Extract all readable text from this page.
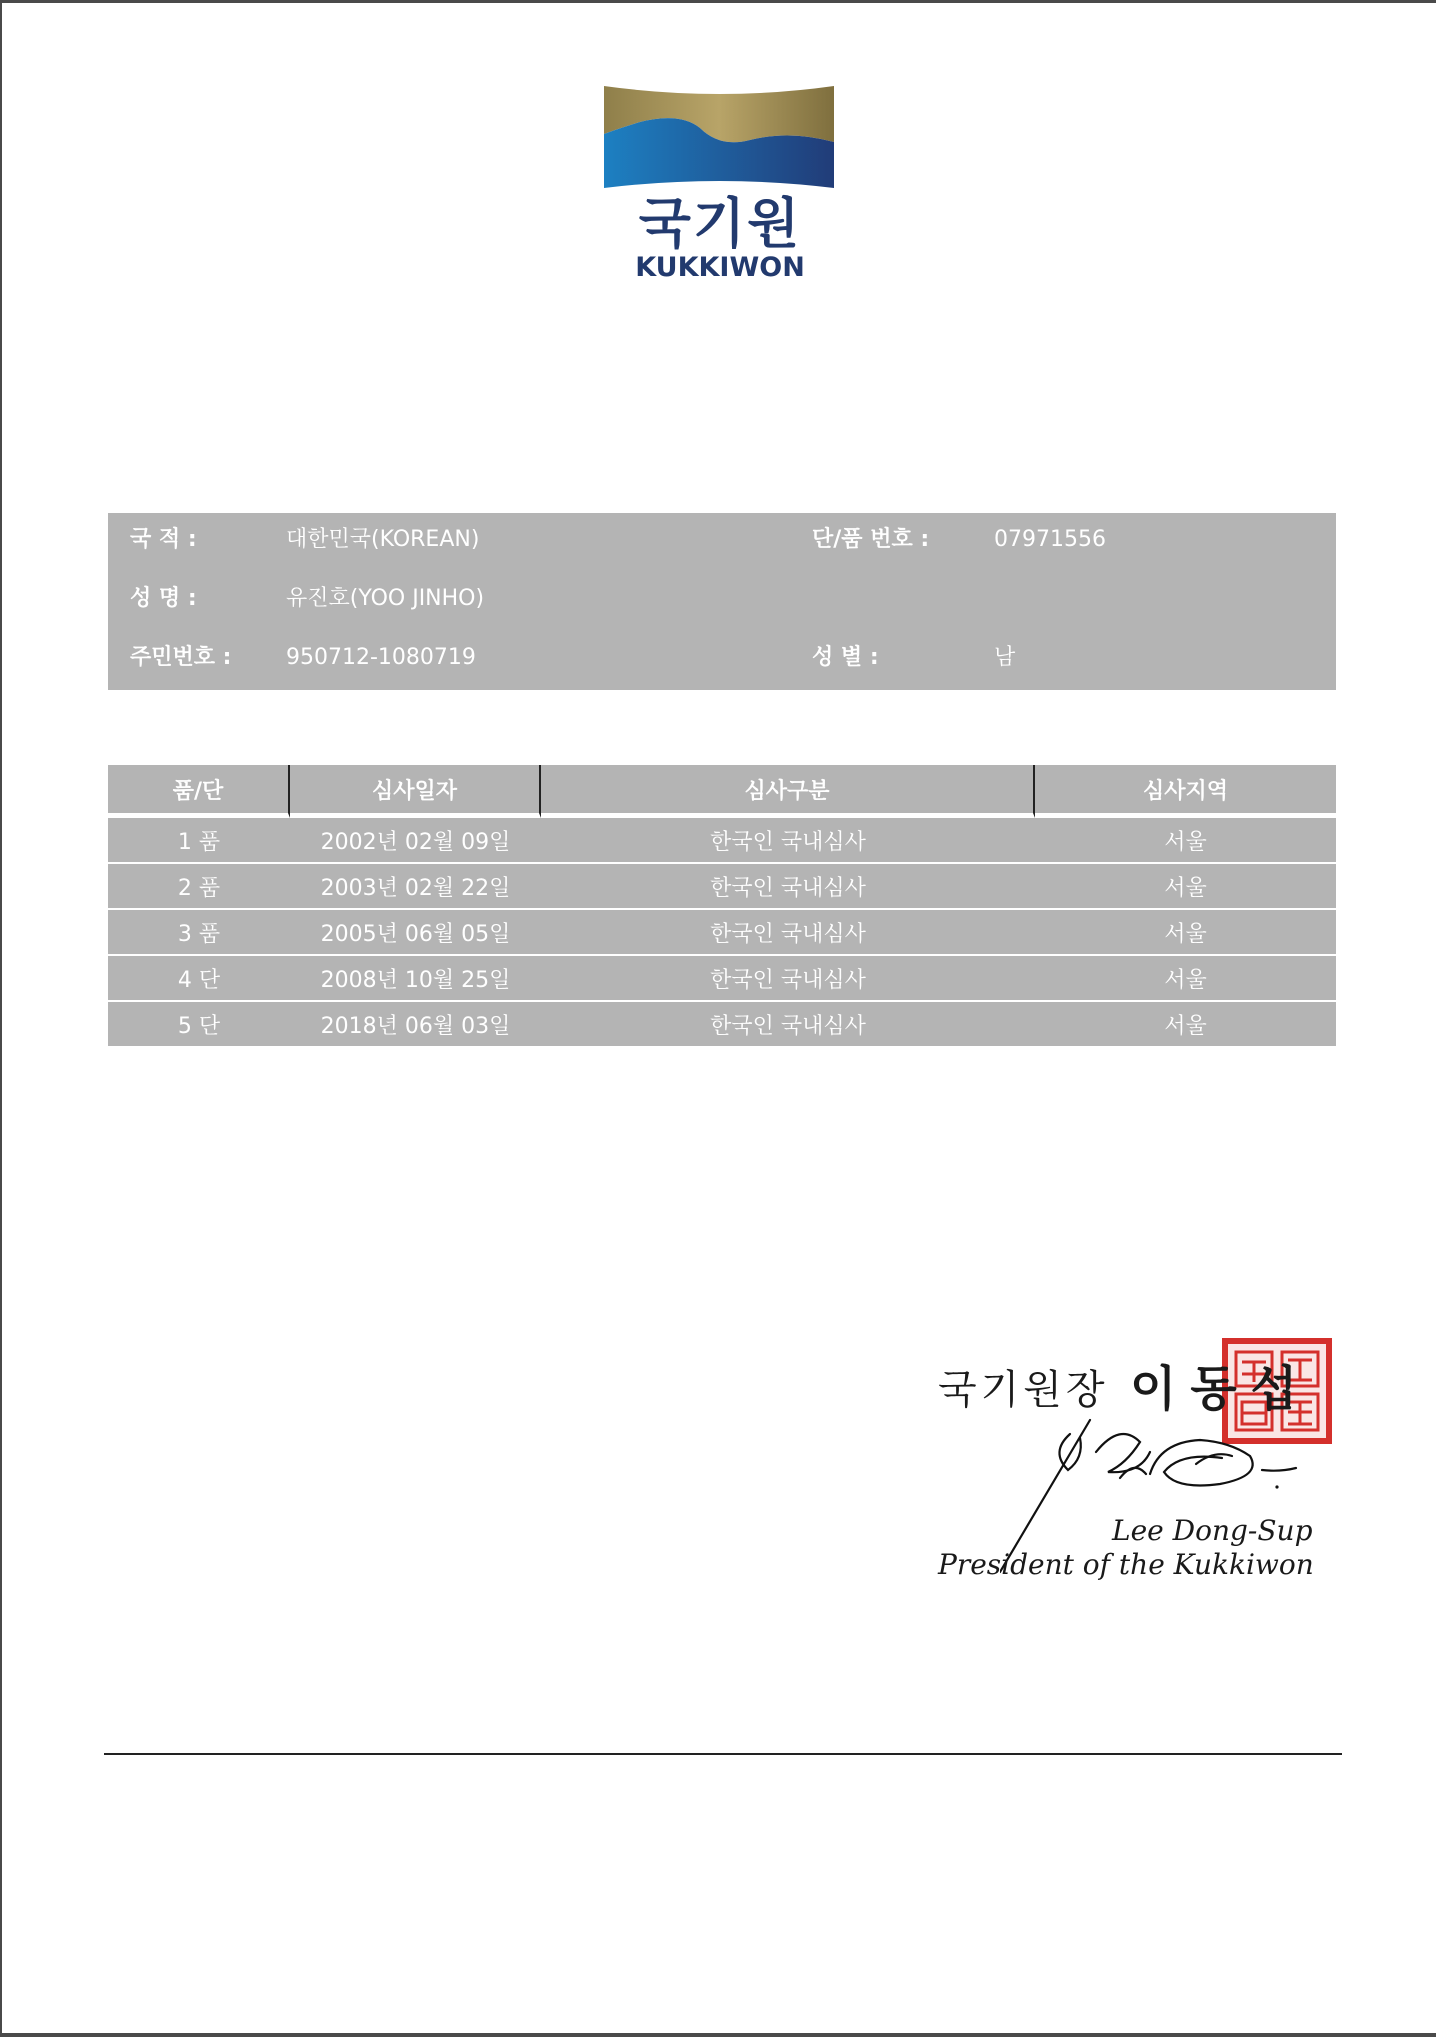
국기원
KUKKIWON
국 적 :	대한민국(KOREAN)	단/품 번호 :	07971556
성 명 :	유진호(YOO JINHO)
주민번호 : 950712-1080719	성 별 :	남
품/단	심사일자	심사구분	심사지역
1 품	2002년 02월 09일	한국인 국내심사	서울
2 품	2003년 02월 22일	한국인 국내심사	서울
3 품	2005년 06월 05일	한국인 국내심사	서울
4 단	2008년 10월 25일	한국인 국내심사	서울
5 단	2018년 06월 03일	한국인 국내심사	서울
국기원장 이동섭
Lee Dong-Sup
President of the Kukkiwon
